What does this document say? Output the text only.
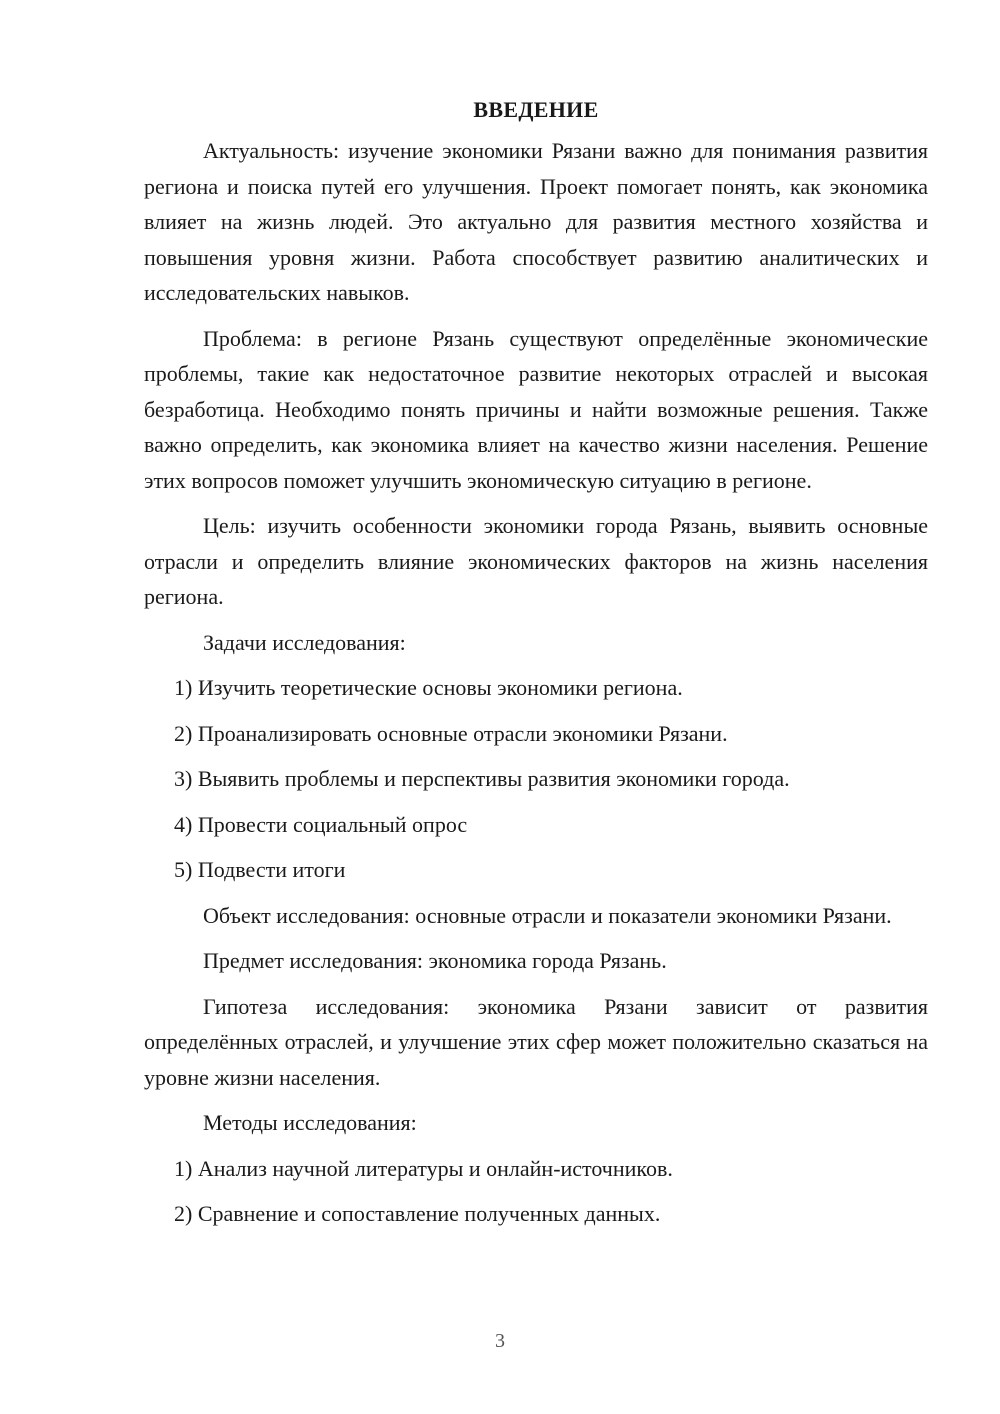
ВВЕДЕНИЕ

Актуальность: изучение экономики Рязани важно для понимания развития региона и поиска путей его улучшения. Проект помогает понять, как экономика влияет на жизнь людей. Это актуально для развития местного хозяйства и повышения уровня жизни. Работа способствует развитию аналитических и исследовательских навыков.

Проблема: в регионе Рязань существуют определённые экономические проблемы, такие как недостаточное развитие некоторых отраслей и высокая безработица. Необходимо понять причины и найти возможные решения. Также важно определить, как экономика влияет на качество жизни населения. Решение этих вопросов поможет улучшить экономическую ситуацию в регионе.

Цель: изучить особенности экономики города Рязань, выявить основные отрасли и определить влияние экономических факторов на жизнь населения региона.

Задачи исследования:
1) Изучить теоретические основы экономики региона.
2) Проанализировать основные отрасли экономики Рязани.
3) Выявить проблемы и перспективы развития экономики города.
4) Провести социальный опрос
5) Подвести итоги

Объект исследования: основные отрасли и показатели экономики Рязани.

Предмет исследования: экономика города Рязань.

Гипотеза исследования: экономика Рязани зависит от развития определённых отраслей, и улучшение этих сфер может положительно сказаться на уровне жизни населения.

Методы исследования:
1) Анализ научной литературы и онлайн-источников.
2) Сравнение и сопоставление полученных данных.
3
